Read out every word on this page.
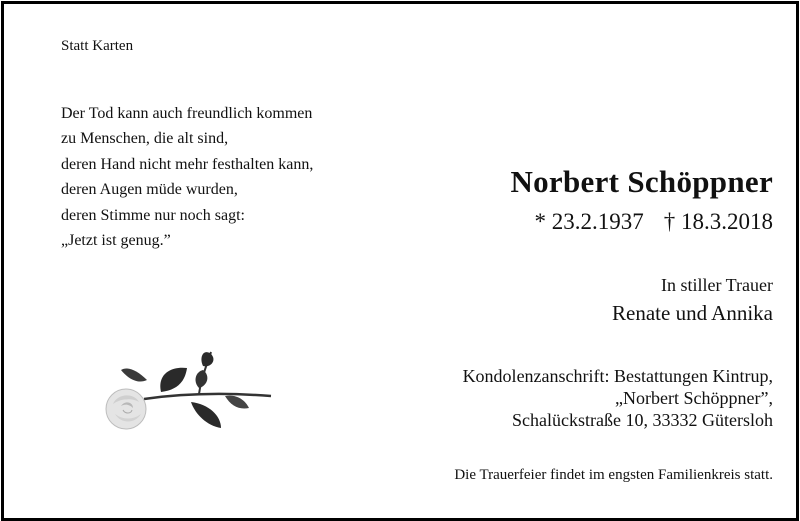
Statt Karten
Der Tod kann auch freundlich kommen
zu Menschen, die alt sind,
deren Hand nicht mehr festhalten kann,
deren Augen müde wurden,
deren Stimme nur noch sagt:
„Jetzt ist genug.”
Norbert Schöppner
* 23.2.1937 † 18.3.2018
In stiller Trauer
Renate und Annika
Kondolenzanschrift: Bestattungen Kintrup,
„Norbert Schöppner”,
Schalückstraße 10, 33332 Gütersloh
Die Trauerfeier findet im engsten Familienkreis statt.
